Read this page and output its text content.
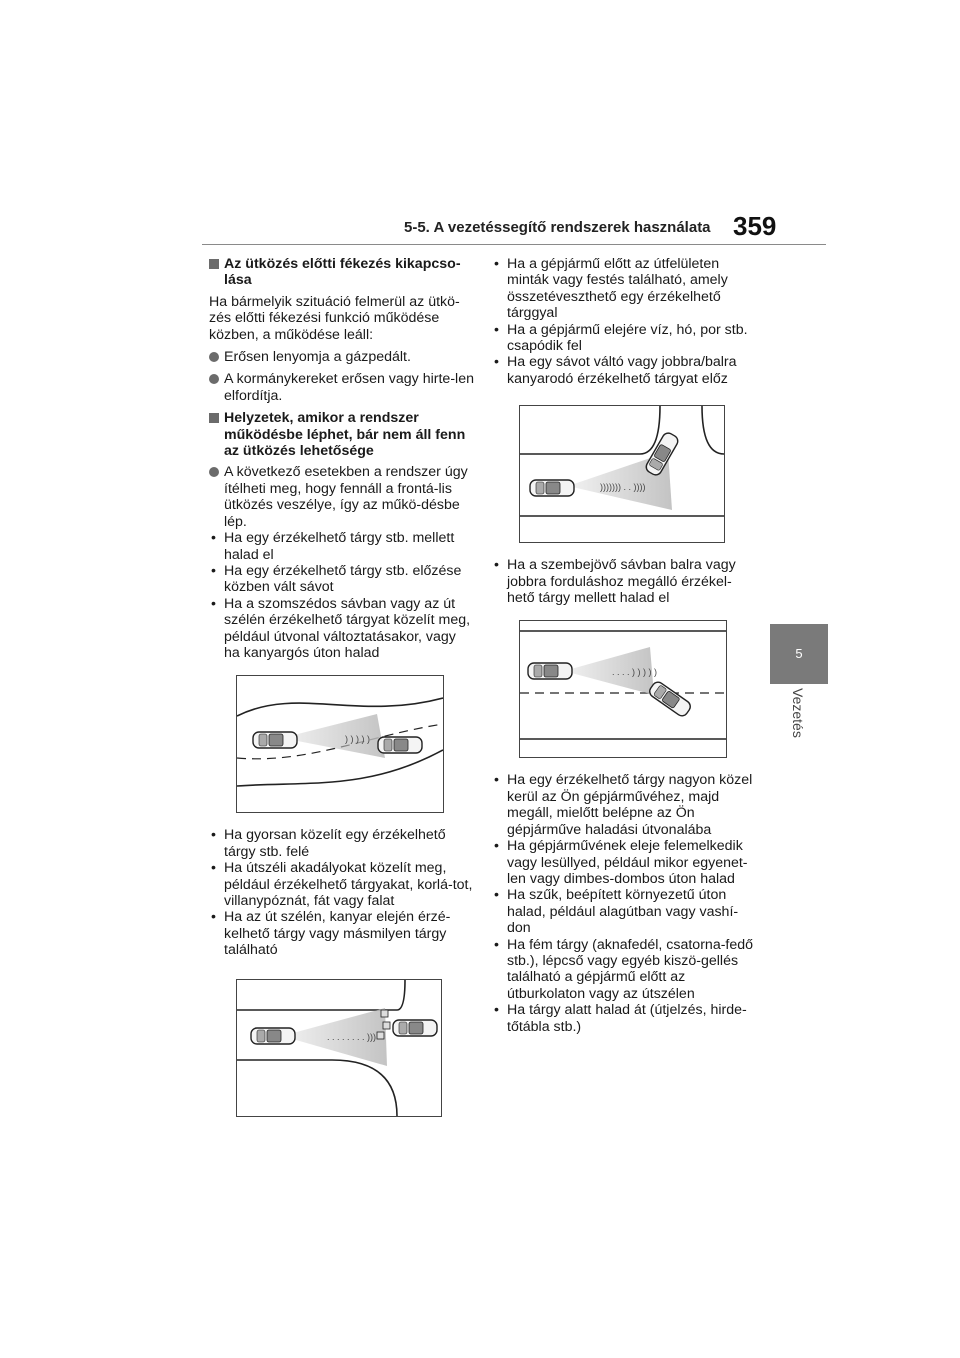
5-5. A vezetéssegítő rendszerek használata 359
5
Vezetés
Az ütközés előtti fékezés kikapcso-lása
Ha bármelyik szituáció felmerül az ütkö-zés előtti fékezési funkció működése közben, a működése leáll:
Erősen lenyomja a gázpedált.
A kormánykereket erősen vagy hirte-len elfordítja.
Helyzetek, amikor a rendszer működésbe léphet, bár nem áll fenn az ütközés lehetősége
A következő esetekben a rendszer úgy ítélheti meg, hogy fennáll a frontá-lis ütközés veszélye, így az műkö-désbe lép.
• Ha egy érzékelhető tárgy stb. mellett halad el
• Ha egy érzékelhető tárgy stb. előzése közben vált sávot
• Ha a szomszédos sávban vagy az út szélén érzékelhető tárgyat közelít meg, például útvonal változtatásakor, vagy ha kanyargós úton halad
) ) ) ) )
• Ha gyorsan közelít egy érzékelhető tárgy stb. felé
• Ha útszéli akadályokat közelít meg, például érzékelhető tárgyakat, korlá-tot, villanypóznát, fát vagy falat
• Ha az út szélén, kanyar elején érzé-kelhető tárgy vagy másmilyen tárgy található
. . . . . . . . )))
• Ha a gépjármű előtt az útfelületen minták vagy festés található, amely összetéveszthető egy érzékelhető tárggyal
• Ha a gépjármű elejére víz, hó, por stb. csapódik fel
• Ha egy sávot váltó vagy jobbra/balra kanyarodó érzékelhető tárgyat előz
))))))) . . ))))
• Ha a szembejövő sávban balra vagy jobbra forduláshoz megálló érzékel-hető tárgy mellett halad el
. . . . ) ) ) ) )
• Ha egy érzékelhető tárgy nagyon közel kerül az Ön gépjárművéhez, majd megáll, mielőtt belépne az Ön gépjárműve haladási útvonalába
• Ha gépjárművének eleje felemelkedik vagy lesüllyed, például mikor egyenet-len vagy dimbes-dombos úton halad
• Ha szűk, beépített környezetű úton halad, például alagútban vagy vashí-don
• Ha fém tárgy (aknafedél, csatorna-fedő stb.), lépcső vagy egyéb kiszö-gellés található a gépjármű előtt az útburkolaton vagy az útszélen
• Ha tárgy alatt halad át (útjelzés, hirde-tőtábla stb.)
